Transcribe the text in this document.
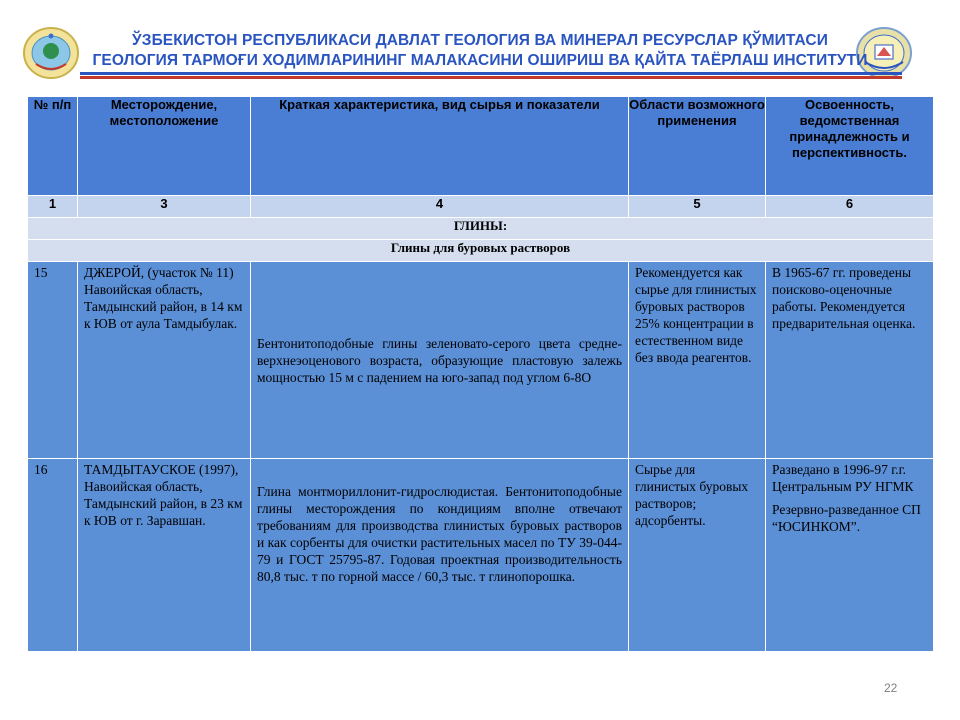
ЎЗБЕКИСТОН РЕСПУБЛИКАСИ ДАВЛАТ ГЕОЛОГИЯ ВА МИНЕРАЛ РЕСУРСЛАР ҚЎМИТАСИ
ГЕОЛОГИЯ ТАРМОҒИ ХОДИМЛАРИНИНГ МАЛАКАСИНИ ОШИРИШ ВА ҚАЙТА ТАЁРЛАШ ИНСТИТУТИ
№ п/п	Месторождение, местоположение	Краткая характеристика, вид сырья и показатели	Области возможного применения	Освоенность, ведомственная принадлежность и перспективность.
1	3	4	5	6
ГЛИНЫ:				
Глины для буровых растворов				

15	ДЖЕРОЙ, (участок № 11) Навоийская область, Тамдынский район, в 14 км к ЮВ от аула Тамдыбулак.	Бентонитоподобные глины зеленовато-серого цвета средне-верхнеэоценового возраста, образующие пластовую залежь мощностью 15 м с падением на юго-запад под углом 6-8О	Рекомендуется как сырье для глинистых буровых растворов 25% концентрации в естественном виде без ввода реагентов.	В 1965-67 гг. проведены поисково-оценочные работы. Рекомендуется предварительная оценка.

16	ТАМДЫТАУСКОЕ (1997), Навоийская область, Тамдынский район, в 23 км к ЮВ от г. Заравшан.	Глина монтмориллонит-гидрослюдистая. Бентонитоподобные глины месторождения по кондициям вполне отвечают требованиям для производства глинистых буровых растворов и как сорбенты для очистки растительных масел по ТУ 39-044-79 и ГОСТ 25795-87. Годовая проектная производительность 80,8 тыс. т по горной массе / 60,3 тыс. т глинопорошка.	Сырье для глинистых буровых растворов; адсорбенты.	Разведано в 1996-97 г.г. Центральным РУ НГМК

Резервно-разведанное СП “ЮСИНКОМ”.

22
